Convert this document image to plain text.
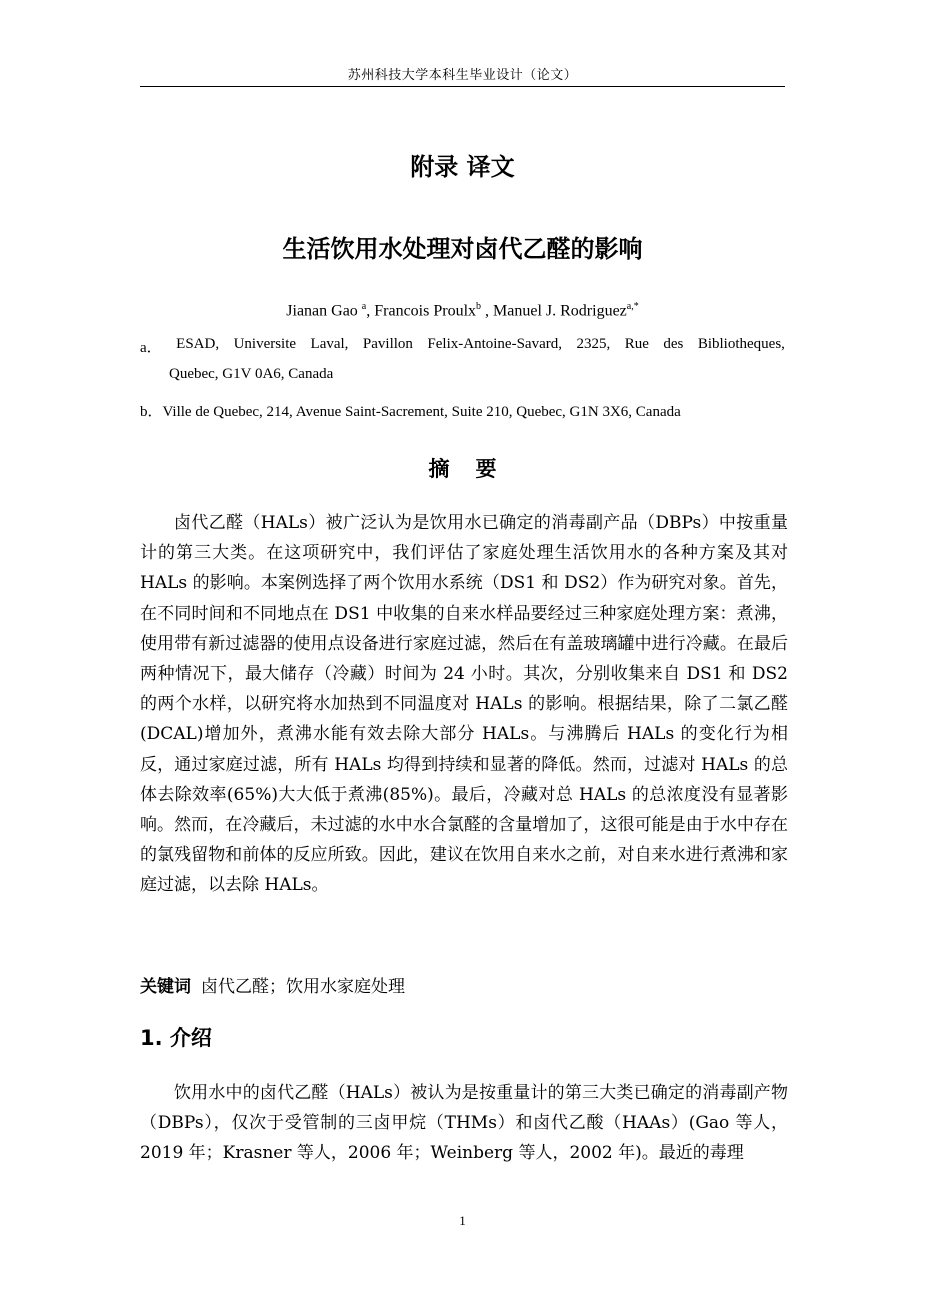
苏州科技大学本科生毕业设计（论文）
附录 译文
生活饮用水处理对卤代乙醛的影响
Jianan Gao $^a$, Francois Proulx$^b$ , Manuel J. Rodriguez$^{a,*}$
a． ESAD, Universite Laval, Pavillon Felix-Antoine-Savard, 2325, Rue des Bibliotheques,
Quebec, G1V 0A6, Canada
b．Ville de Quebec, 214, Avenue Saint-Sacrement, Suite 210, Quebec, G1N 3X6, Canada
摘要
卤代乙醛（HALs）被广泛认为是饮用水已确定的消毒副产品（DBPs）中按重量计的第三大类。在这项研究中，我们评估了家庭处理生活饮用水的各种方案及其对 HALs 的影响。本案例选择了两个饮用水系统（DS1 和 DS2）作为研究对象。首先，在不同时间和不同地点在 DS1 中收集的自来水样品要经过三种家庭处理方案：煮沸，使用带有新过滤器的使用点设备进行家庭过滤，然后在有盖玻璃罐中进行冷藏。在最后两种情况下，最大储存（冷藏）时间为 24 小时。其次，分别收集来自 DS1 和 DS2 的两个水样，以研究将水加热到不同温度对 HALs 的影响。根据结果，除了二氯乙醛(DCAL)增加外，煮沸水能有效去除大部分 HALs。与沸腾后 HALs 的变化行为相反，通过家庭过滤，所有 HALs 均得到持续和显著的降低。然而，过滤对 HALs 的总体去除效率(65%)大大低于煮沸(85%)。最后，冷藏对总 HALs 的总浓度没有显著影响。然而，在冷藏后，未过滤的水中水合氯醛的含量增加了，这很可能是由于水中存在的氯残留物和前体的反应所致。因此，建议在饮用自来水之前，对自来水进行煮沸和家庭过滤，以去除 HALs。
关键词 卤代乙醛；饮用水家庭处理
1. 介绍
饮用水中的卤代乙醛（HALs）被认为是按重量计的第三大类已确定的消毒副产物（DBPs），仅次于受管制的三卤甲烷（THMs）和卤代乙酸（HAAs）(Gao 等人，2019 年；Krasner 等人，2006 年；Weinberg 等人，2002 年)。最近的毒理
1
